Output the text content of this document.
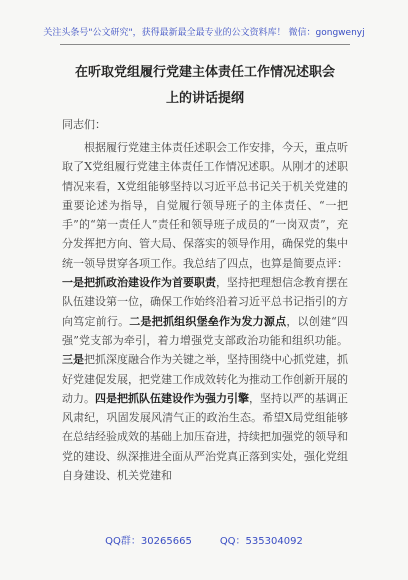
关注头条号"公文研究"，获得最新最全最专业的公文资料库！ 微信：gongwenyj
在听取党组履行党建主体责任工作情况述职会上的讲话提纲
同志们：

根据履行党建主体责任述职会工作安排，今天，重点听取了X党组履行党建主体责任工作情况述职。从刚才的述职情况来看，X党组能够坚持以习近平总书记关于机关党建的重要论述为指导，自觉履行领导班子的主体责任、“一把手”的“第一责任人”责任和领导班子成员的“一岗双责”，充分发挥把方向、管大局、保落实的领导作用，确保党的集中统一领导贯穿各项工作。我总结了四点，也算是简要点评：一是把抓政治建设作为首要职责，坚持把理想信念教育摆在队伍建设第一位，确保工作始终沿着习近平总书记指引的方向笃定前行。二是把抓组织堡垒作为发力源点，以创建“四强”党支部为牵引，着力增强党支部政治功能和组织功能。三是把抓深度融合作为关键之举，坚持围绕中心抓党建，抓好党建促发展，把党建工作成效转化为推动工作创新开展的动力。四是把抓队伍建设作为强力引擎，坚持以严的基调正风肃纪，巩固发展风清气正的政治生态。希望X局党组能够在总结经验成效的基础上加压奋进，持续把加强党的领导和党的建设、纵深推进全面从严治党真正落到实处，强化党组自身建设、机关党建和

QQ群：30265665	QQ：535304092
